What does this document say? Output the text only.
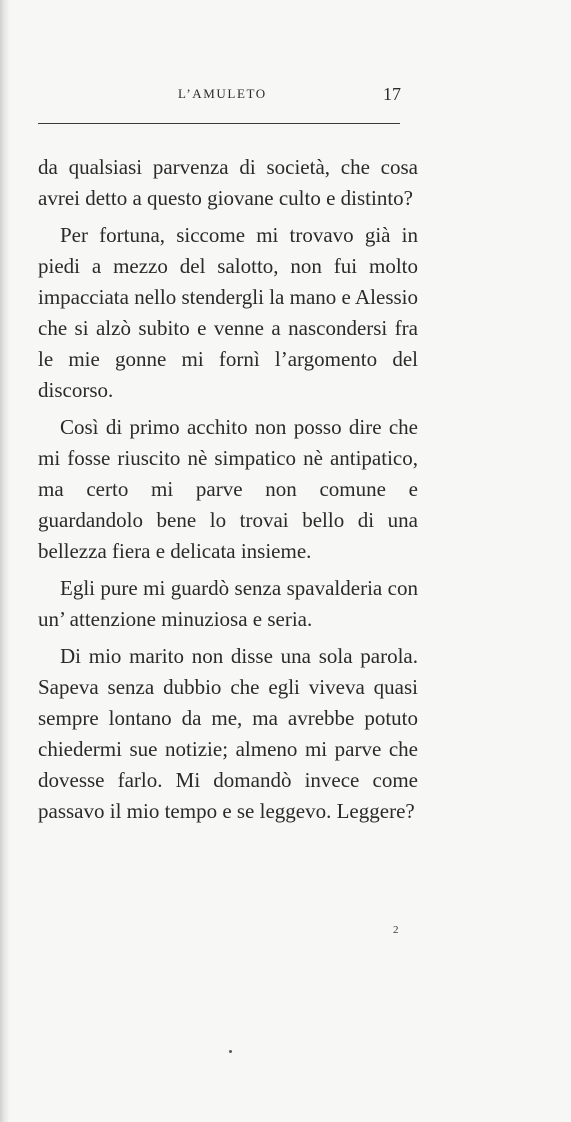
L’AMULETO	17

da qualsiasi parvenza di società, che cosa avrei detto a questo giovane culto e distinto?

Per fortuna, siccome mi trovavo già in piedi a mezzo del salotto, non fui molto impacciata nello stendergli la mano e Alessio che si alzò subito e venne a nascondersi fra le mie gonne mi fornì l’argomento del discorso.

Così di primo acchito non posso dire che mi fosse riuscito nè simpatico nè antipatico, ma certo mi parve non comune e guardandolo bene lo trovai bello di una bellezza fiera e delicata insieme.

Egli pure mi guardò senza spavalderia con un’ attenzione minuziosa e seria.

Di mio marito non disse una sola parola. Sapeva senza dubbio che egli viveva quasi sempre lontano da me, ma avrebbe potuto chiedermi sue notizie; almeno mi parve che dovesse farlo. Mi domandò invece come passavo il mio tempo e se leggevo. Leggere?

2
